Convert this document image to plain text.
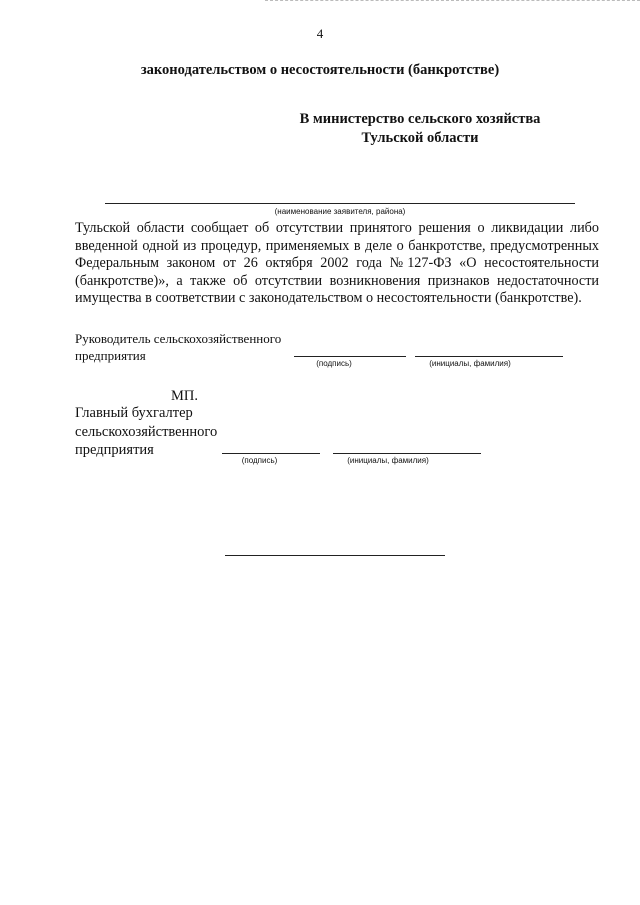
4
законодательством о несостоятельности (банкротстве)
В министерство сельского хозяйства
Тульской области
(наименование заявителя, района)
Тульской области сообщает об отсутствии принятого решения о ликвидации либо введенной одной из процедур, применяемых в деле о банкротстве, предусмотренных Федеральным законом от 26 октября 2002 года №127-ФЗ «О несостоятельности (банкротстве)», а также об отсутствии возникновения признаков недостаточности имущества в соответствии с законодательством о несостоятельности (банкротстве).
Руководитель сельскохозяйственного
предприятия
(подпись)	(инициалы, фамилия)
МП.
Главный бухгалтер
сельскохозяйственного
предприятия
(подпись)	(инициалы, фамилия)
